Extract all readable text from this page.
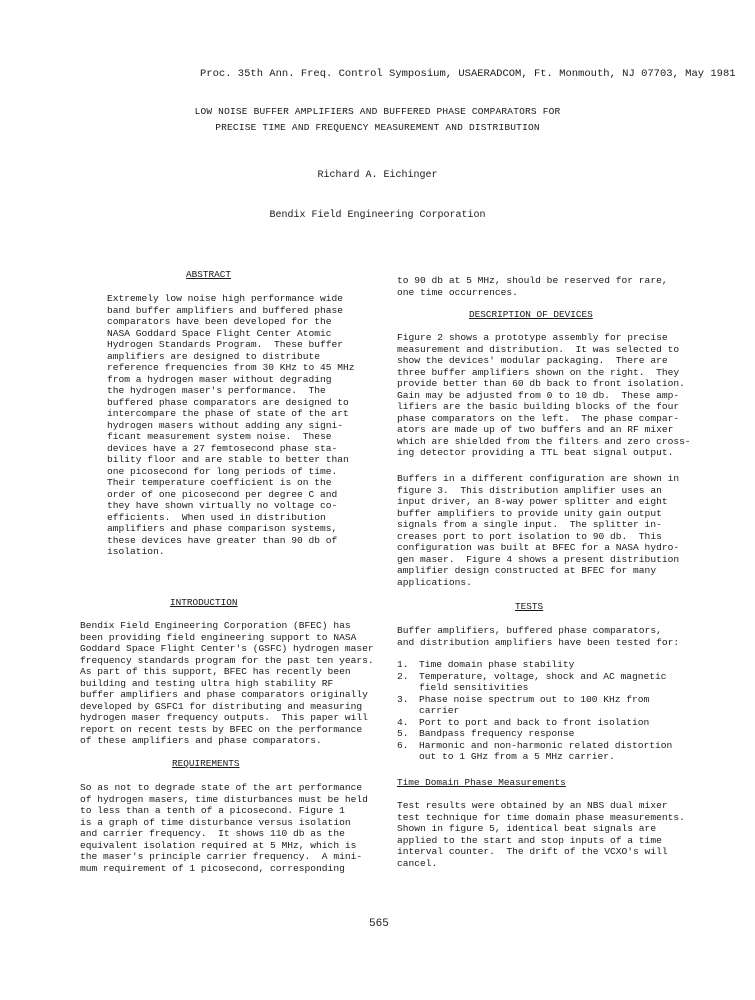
Proc. 35th Ann. Freq. Control Symposium, USAERADCOM, Ft. Monmouth, NJ 07703, May 1981
LOW NOISE BUFFER AMPLIFIERS AND BUFFERED PHASE COMPARATORS FOR
PRECISE TIME AND FREQUENCY MEASUREMENT AND DISTRIBUTION
Richard A. Eichinger
Bendix Field Engineering Corporation
ABSTRACT

Extremely low noise high performance wide

band buffer amplifiers and buffered phase

comparators have been developed for the

NASA Goddard Space Flight Center Atomic

Hydrogen Standards Program.  These buffer

amplifiers are designed to distribute

reference frequencies from 30 KHz to 45 MHz

from a hydrogen maser without degrading

the hydrogen maser's performance.  The

buffered phase comparators are designed to

intercompare the phase of state of the art

hydrogen masers without adding any signi-

ficant measurement system noise.  These

devices have a 27 femtosecond phase sta-

bility floor and are stable to better than

one picosecond for long periods of time.

Their temperature coefficient is on the

order of one picosecond per degree C and

they have shown virtually no voltage co-

efficients.  When used in distribution

amplifiers and phase comparison systems,

these devices have greater than 90 db of

isolation.

INTRODUCTION

Bendix Field Engineering Corporation (BFEC) has

been providing field engineering support to NASA

Goddard Space Flight Center's (GSFC) hydrogen maser

frequency standards program for the past ten years.

As part of this support, BFEC has recently been

building and testing ultra high stability RF

buffer amplifiers and phase comparators originally

developed by GSFC1 for distributing and measuring

hydrogen maser frequency outputs.  This paper will

report on recent tests by BFEC on the performance

of these amplifiers and phase comparators.

REQUIREMENTS

So as not to degrade state of the art performance

of hydrogen masers, time disturbances must be held

to less than a tenth of a picosecond. Figure 1

is a graph of time disturbance versus isolation

and carrier frequency.  It shows 110 db as the

equivalent isolation required at 5 MHz, which is

the maser's principle carrier frequency.  A mini-

mum requirement of 1 picosecond, corresponding

to 90 db at 5 MHz, should be reserved for rare,

one time occurrences.

DESCRIPTION OF DEVICES

Figure 2 shows a prototype assembly for precise

measurement and distribution.  It was selected to

show the devices' modular packaging.  There are

three buffer amplifiers shown on the right.  They

provide better than 60 db back to front isolation.

Gain may be adjusted from 0 to 10 db.  These amp-

lifiers are the basic building blocks of the four

phase comparators on the left.  The phase compar-

ators are made up of two buffers and an RF mixer

which are shielded from the filters and zero cross-

ing detector providing a TTL beat signal output.

Buffers in a different configuration are shown in

figure 3.  This distribution amplifier uses an

input driver, an 8-way power splitter and eight

buffer amplifiers to provide unity gain output

signals from a single input.  The splitter in-

creases port to port isolation to 90 db.  This

configuration was built at BFEC for a NASA hydro-

gen maser.  Figure 4 shows a present distribution

amplifier design constructed at BFEC for many

applications.

TESTS

Buffer amplifiers, buffered phase comparators,

and distribution amplifiers have been tested for:

1.	Time domain phase stability
2.	Temperature, voltage, shock and AC magnetic
field sensitivities
3.	Phase noise spectrum out to 100 KHz from
carrier
4.	Port to port and back to front isolation
5.	Bandpass frequency response
6.	Harmonic and non-harmonic related distortion
out to 1 GHz from a 5 MHz carrier.
Time Domain Phase Measurements

Test results were obtained by an NBS dual mixer

test technique for time domain phase measurements.

Shown in figure 5, identical beat signals are

applied to the start and stop inputs of a time

interval counter.  The drift of the VCXO's will

cancel.

565
